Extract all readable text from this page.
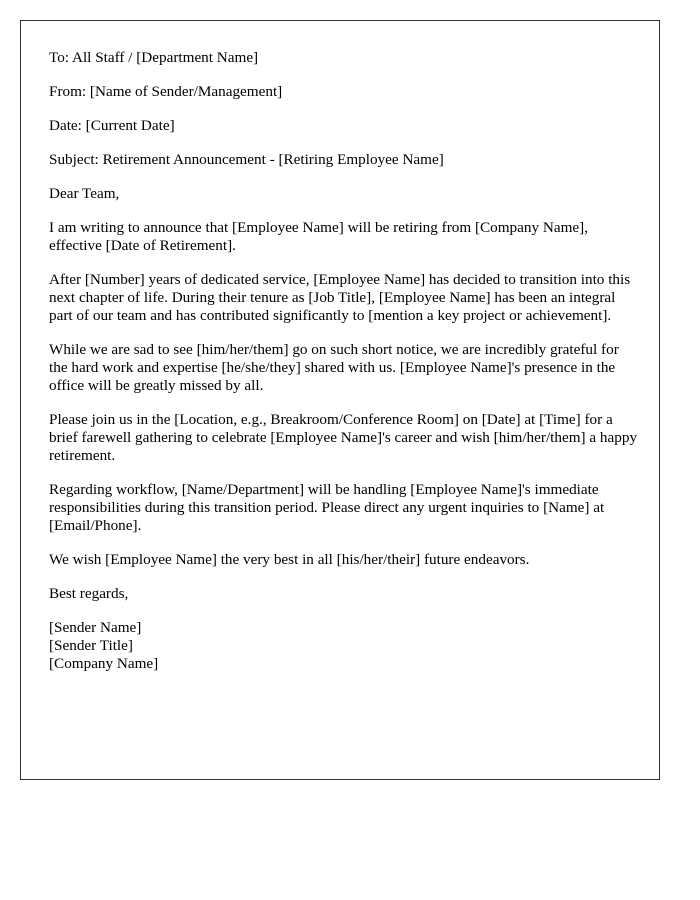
To: All Staff / [Department Name]

From: [Name of Sender/Management]

Date: [Current Date]

Subject: Retirement Announcement - [Retiring Employee Name]

Dear Team,

I am writing to announce that [Employee Name] will be retiring from [Company Name], effective [Date of Retirement].

After [Number] years of dedicated service, [Employee Name] has decided to transition into this next chapter of life. During their tenure as [Job Title], [Employee Name] has been an integral part of our team and has contributed significantly to [mention a key project or achievement].

While we are sad to see [him/her/them] go on such short notice, we are incredibly grateful for the hard work and expertise [he/she/they] shared with us. [Employee Name]'s presence in the office will be greatly missed by all.

Please join us in the [Location, e.g., Breakroom/Conference Room] on [Date] at [Time] for a brief farewell gathering to celebrate [Employee Name]'s career and wish [him/her/them] a happy retirement.

Regarding workflow, [Name/Department] will be handling [Employee Name]'s immediate responsibilities during this transition period. Please direct any urgent inquiries to [Name] at [Email/Phone].

We wish [Employee Name] the very best in all [his/her/their] future endeavors.

Best regards,

[Sender Name]
[Sender Title]
[Company Name]
